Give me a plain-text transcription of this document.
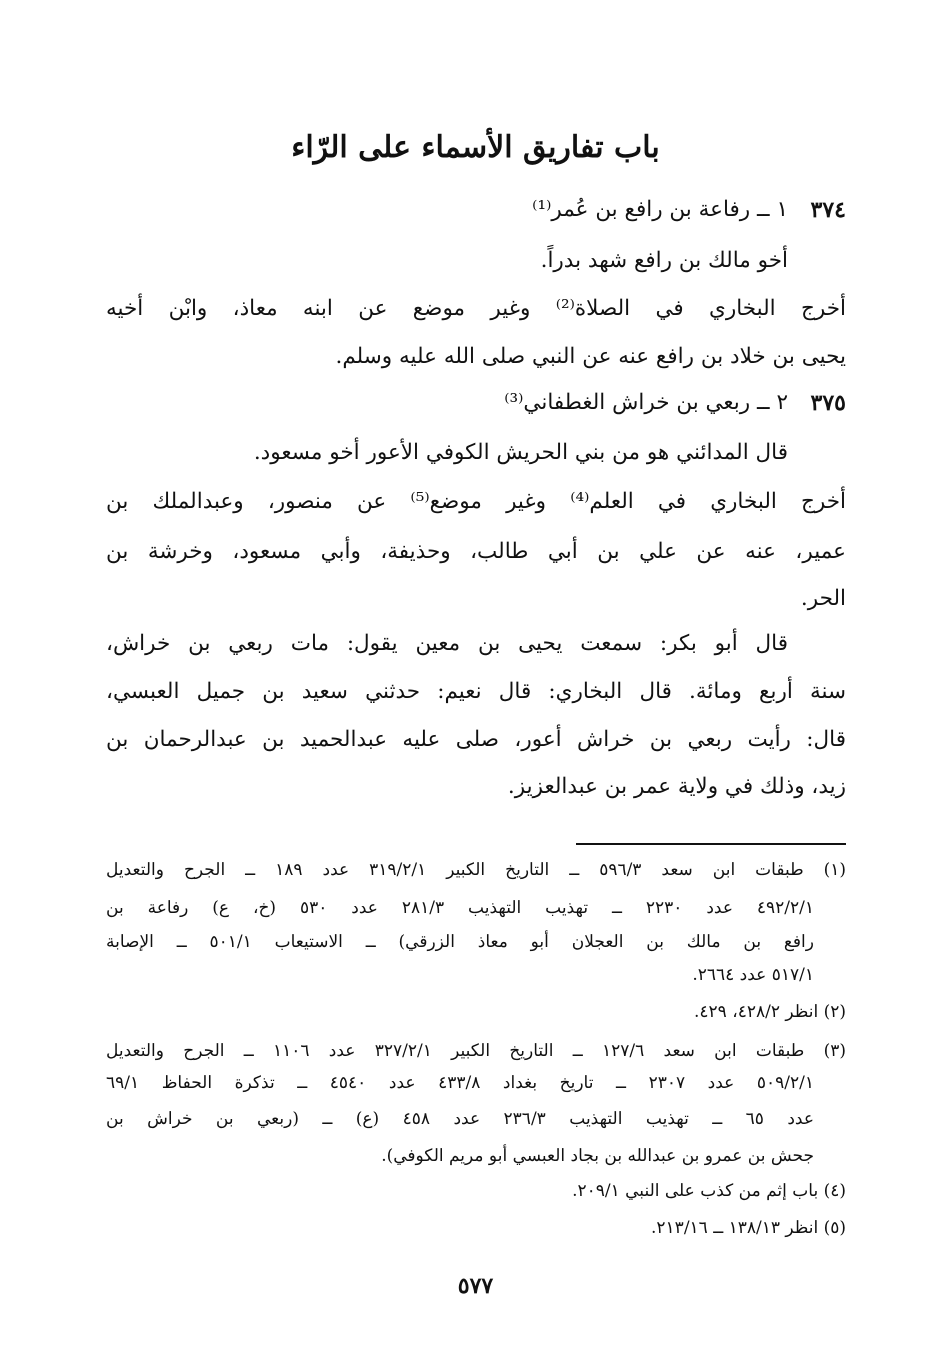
باب تفاريق الأسماء على الرّاء
٣٧٤
١ ــ رفاعة بن رافع بن عُمر⁽¹⁾
أخو مالك بن رافع شهد بدراً.
أخرج البخاري في الصلاة⁽²⁾ وغير موضع عن ابنه معاذ، وابْن أخيه
يحيى بن خلاد بن رافع عنه عن النبي صلى الله عليه وسلم.
٣٧٥
٢ ــ ربعي بن خراش الغطفاني⁽³⁾
قال المدائني هو من بني الحريش الكوفي الأعور أخو مسعود.
أخرج البخاري في العلم⁽⁴⁾ وغير موضع⁽⁵⁾ عن منصور، وعبدالملك بن
عمير، عنه عن علي بن أبي طالب، وحذيفة، وأبي مسعود، وخرشة بن
الحر.
قال أبو بكر: سمعت يحيى بن معين يقول: مات ربعي بن خراش،
سنة أربع ومائة. قال البخاري: قال نعيم: حدثني سعيد بن جميل العبسي،
قال: رأيت ربعي بن خراش أعور، صلى عليه عبدالحميد بن عبدالرحمان بن
زيد، وذلك في ولاية عمر بن عبدالعزيز.
(١) طبقات ابن سعد ٥٩٦/٣ ــ التاريخ الكبير ٣١٩/٢/١ عدد ١٨٩ ــ الجرح والتعديل
٤٩٢/٢/١ عدد ٢٢٣٠ ــ تهذيب التهذيب ٢٨١/٣ عدد ٥٣٠ (خ، ع) رفاعة بن
رافع بن مالك بن العجلان أبو معاذ الزرقي) ــ الاستيعاب ٥٠١/١ ــ الإصابة
٥١٧/١ عدد ٢٦٦٤.
(٢) انظر ٤٢٨/٢، ٤٢٩.
(٣) طبقات ابن سعد ١٢٧/٦ ــ التاريخ الكبير ٣٢٧/٢/١ عدد ١١٠٦ ــ الجرح والتعديل
٥٠٩/٢/١ عدد ٢٣٠٧ ــ تاريخ بغداد ٤٣٣/٨ عدد ٤٥٤٠ ــ تذكرة الحفاظ ٦٩/١
عدد ٦٥ ــ تهذيب التهذيب ٢٣٦/٣ عدد ٤٥٨ (ع) ــ (ربعي بن خراش بن
جحش بن عمرو بن عبدالله بن بجاد العبسي أبو مريم الكوفي).
(٤) باب إثم من كذب على النبي ٢٠٩/١.
(٥) انظر ١٣٨/١٣ ــ ٢١٣/١٦.
٥٧٧
